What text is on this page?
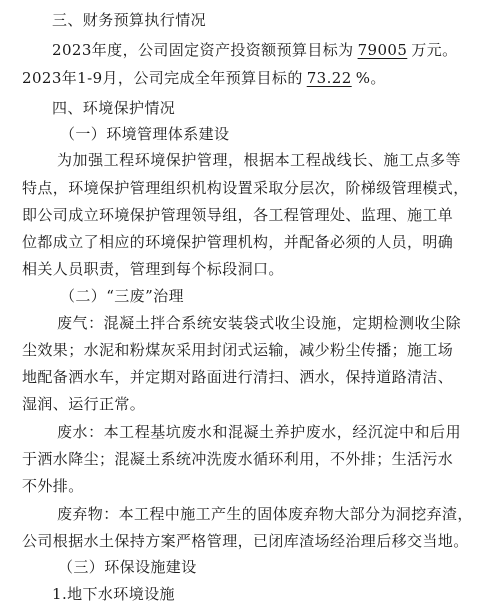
三、财务预算执行情况
2023年度，公司固定资产投资额预算目标为 79005 万元。
2023年1-9月，公司完成全年预算目标的 73.22 %。
四、环境保护情况
（一）环境管理体系建设
为加强工程环境保护管理，根据本工程战线长、施工点多等
特点，环境保护管理组织机构设置采取分层次，阶梯级管理模式，
即公司成立环境保护管理领导组，各工程管理处、监理、施工单
位都成立了相应的环境保护管理机构，并配备必须的人员，明确
相关人员职责，管理到每个标段洞口。
（二）“三废”治理
废气：混凝土拌合系统安装袋式收尘设施，定期检测收尘除
尘效果；水泥和粉煤灰采用封闭式运输，减少粉尘传播；施工场
地配备洒水车，并定期对路面进行清扫、洒水，保持道路清洁、
湿润、运行正常。
废水：本工程基坑废水和混凝土养护废水，经沉淀中和后用
于洒水降尘；混凝土系统冲洗废水循环利用，不外排；生活污水
不外排。
废弃物：本工程中施工产生的固体废弃物大部分为洞挖弃渣，
公司根据水土保持方案严格管理，已闭库渣场经治理后移交当地。
（三）环保设施建设
1.地下水环境设施
